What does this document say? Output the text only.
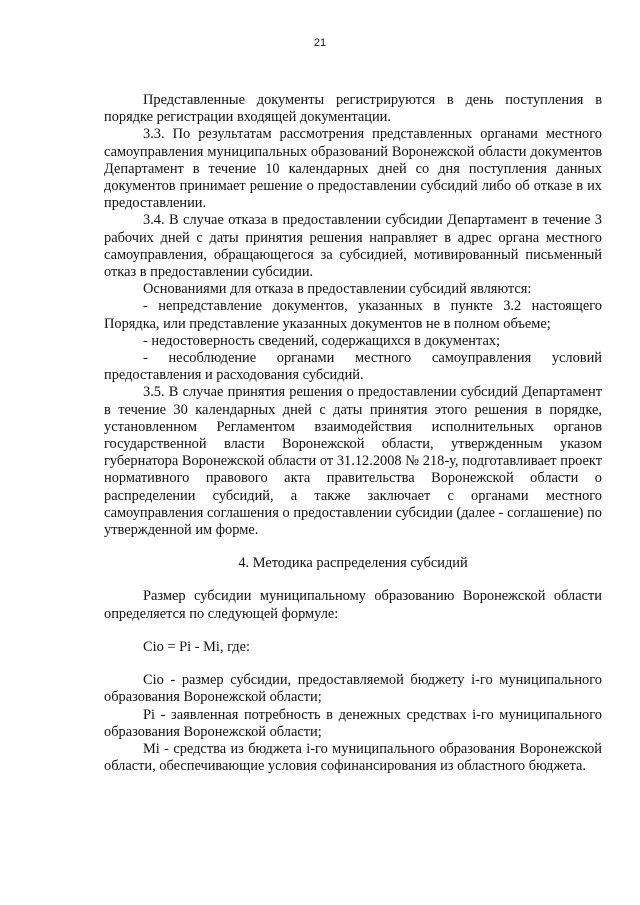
21

Представленные документы регистрируются в день поступления в порядке регистрации входящей документации.

3.3. По результатам рассмотрения представленных органами местного самоуправления муниципальных образований Воронежской области документов Департамент в течение 10 календарных дней со дня поступления данных документов принимает решение о предоставлении субсидий либо об отказе в их предоставлении.

3.4. В случае отказа в предоставлении субсидии Департамент в течение 3 рабочих дней с даты принятия решения направляет в адрес органа местного самоуправления, обращающегося за субсидией, мотивированный письменный отказ в предоставлении субсидии.

Основаниями для отказа в предоставлении субсидий являются:

- непредставление документов, указанных в пункте 3.2 настоящего Порядка, или представление указанных документов не в полном объеме;

- недостоверность сведений, содержащихся в документах;

- несоблюдение органами местного самоуправления условий предоставления и расходования субсидий.

3.5. В случае принятия решения о предоставлении субсидий Департамент в течение 30 календарных дней с даты принятия этого решения в порядке, установленном Регламентом взаимодействия исполнительных органов государственной власти Воронежской области, утвержденным указом губернатора Воронежской области от 31.12.2008 № 218-у, подготавливает проект нормативного правового акта правительства Воронежской области о распределении субсидий, а также заключает с органами местного самоуправления соглашения о предоставлении субсидии (далее - соглашение) по утвержденной им форме.

4. Методика распределения субсидий

Размер субсидии муниципальному образованию Воронежской области определяется по следующей формуле:

Ciо = Pi - Mi, где:

Ciо - размер субсидии, предоставляемой бюджету i-го муниципального образования Воронежской области;

Pi - заявленная потребность в денежных средствах i-го муниципального образования Воронежской области;

Mi - средства из бюджета i-го муниципального образования Воронежской области, обеспечивающие условия софинансирования из областного бюджета.
